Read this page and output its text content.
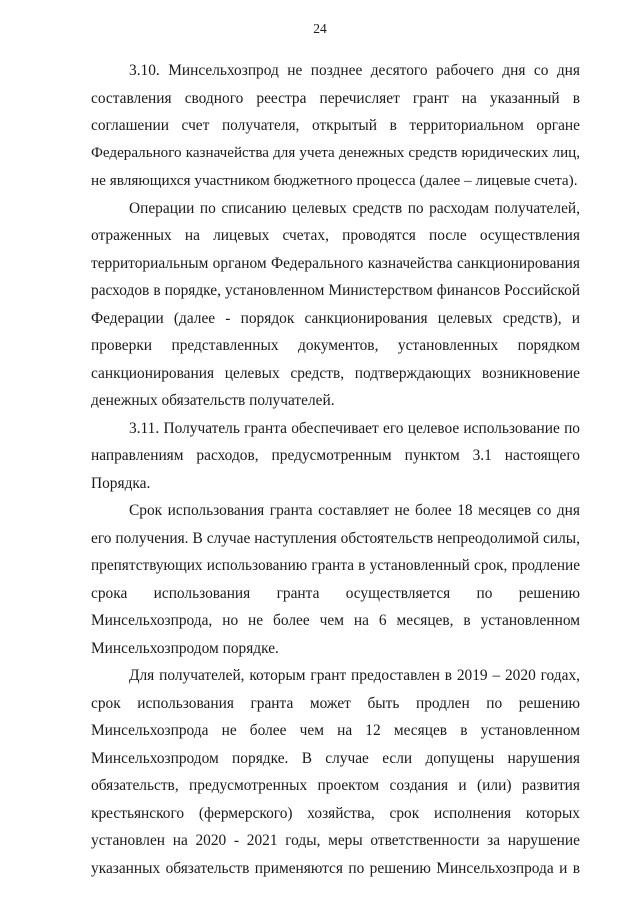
24
3.10. Минсельхозпрод не позднее десятого рабочего дня со дня
составления сводного реестра перечисляет грант на указанный в
соглашении счет получателя, открытый в территориальном органе
Федерального казначейства для учета денежных средств юридических лиц,
не являющихся участником бюджетного процесса (далее – лицевые счета).
Операции по списанию целевых средств по расходам получателей,
отраженных на лицевых счетах, проводятся после осуществления
территориальным органом Федерального казначейства санкционирования
расходов в порядке, установленном Министерством финансов Российской
Федерации (далее - порядок санкционирования целевых средств), и
проверки представленных документов, установленных порядком
санкционирования целевых средств, подтверждающих возникновение
денежных обязательств получателей.
3.11. Получатель гранта обеспечивает его целевое использование по
направлениям расходов, предусмотренным пунктом 3.1 настоящего
Порядка.
Срок использования гранта составляет не более 18 месяцев со дня
его получения. В случае наступления обстоятельств непреодолимой силы,
препятствующих использованию гранта в установленный срок, продление
срока использования гранта осуществляется по решению
Минсельхозпрода, но не более чем на 6 месяцев, в установленном
Минсельхозпродом порядке.
Для получателей, которым грант предоставлен в 2019 – 2020 годах,
срок использования гранта может быть продлен по решению
Минсельхозпрода не более чем на 12 месяцев в установленном
Минсельхозпродом порядке. В случае если допущены нарушения
обязательств, предусмотренных проектом создания и (или) развития
крестьянского (фермерского) хозяйства, срок исполнения которых
установлен на 2020 - 2021 годы, меры ответственности за нарушение
указанных обязательств применяются по решению Минсельхозпрода и в
